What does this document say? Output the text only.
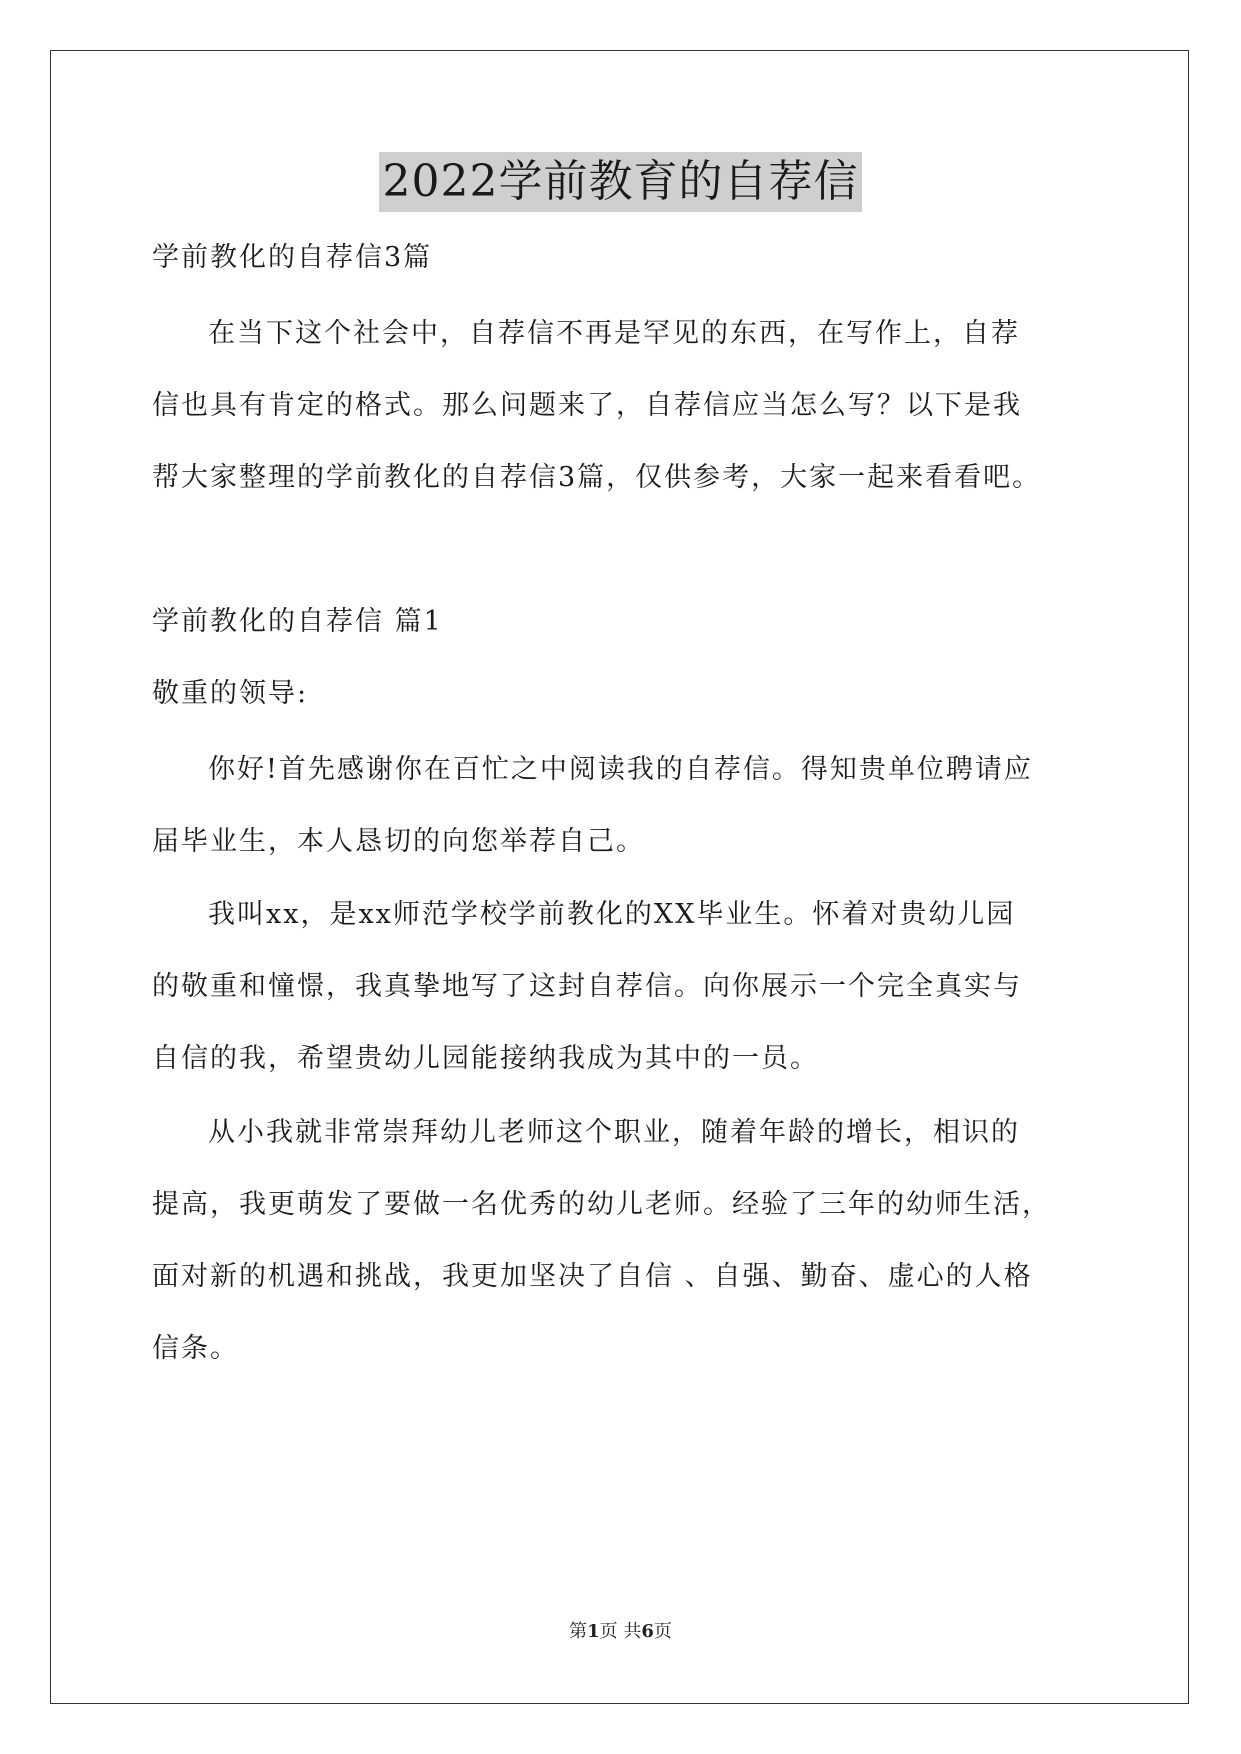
2022学前教育的自荐信
学前教化的自荐信3篇
在当下这个社会中，自荐信不再是罕见的东西，在写作上，自荐
信也具有肯定的格式。那么问题来了，自荐信应当怎么写？以下是我
帮大家整理的学前教化的自荐信3篇，仅供参考，大家一起来看看吧。
学前教化的自荐信 篇1
敬重的领导:
你好!首先感谢你在百忙之中阅读我的自荐信。得知贵单位聘请应
届毕业生，本人恳切的向您举荐自己。
我叫xx，是xx师范学校学前教化的XX毕业生。怀着对贵幼儿园
的敬重和憧憬，我真挚地写了这封自荐信。向你展示一个完全真实与
自信的我，希望贵幼儿园能接纳我成为其中的一员。
从小我就非常崇拜幼儿老师这个职业，随着年龄的增长，相识的
提高，我更萌发了要做一名优秀的幼儿老师。经验了三年的幼师生活，
面对新的机遇和挑战，我更加坚决了自信 、自强、勤奋、虚心的人格
信条。
第1页 共6页
